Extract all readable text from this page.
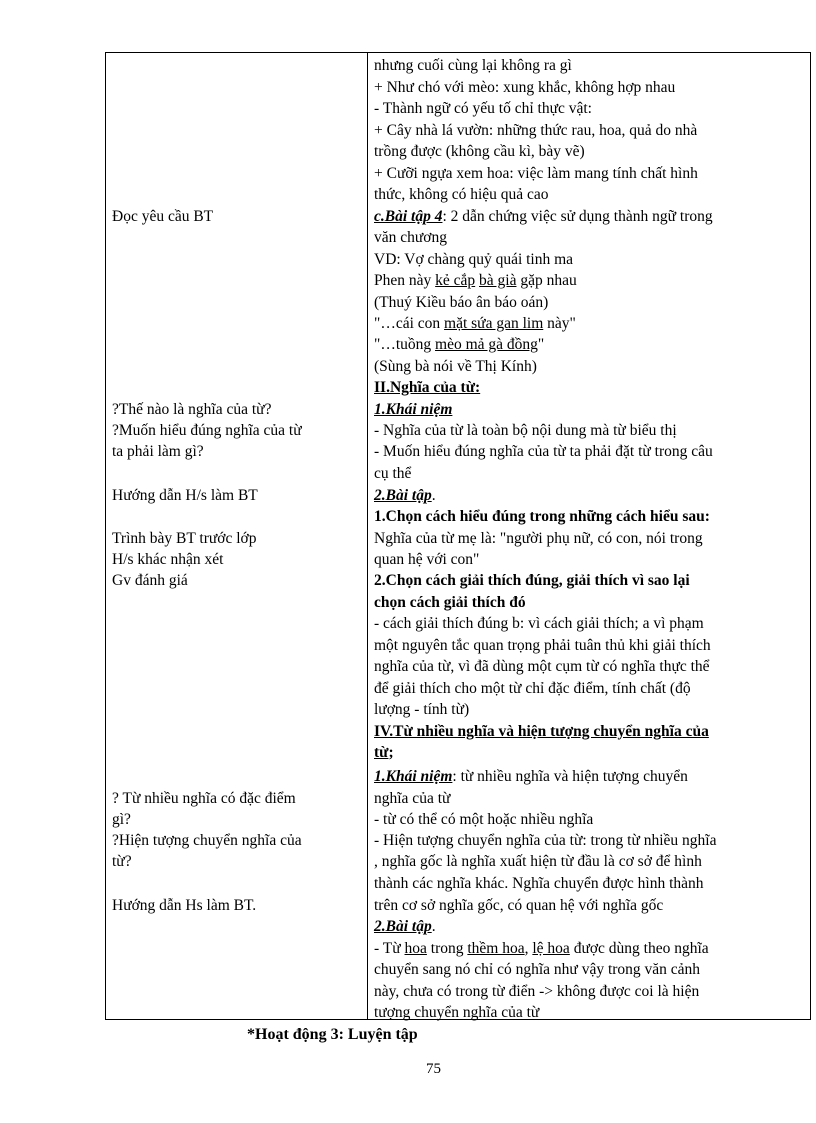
Đọc yêu cầu BT
?Thế nào là nghĩa của từ?
?Muốn hiểu đúng nghĩa của từ
ta phải làm gì?
Hướng dẫn H/s làm BT
Trình bày BT trước lớp
H/s khác nhận xét
Gv đánh giá
? Từ nhiều nghĩa có đặc điểm
gì?
?Hiện tượng chuyển nghĩa của
từ?
Hướng dẫn Hs làm BT.
nhưng cuối cùng lại không ra gì
+ Như chó với mèo: xung khắc, không hợp nhau
- Thành ngữ có yếu tố chỉ thực vật:
+ Cây nhà lá vườn: những thức rau, hoa, quả do nhà
trồng được (không cầu kì, bày vẽ)
+ Cưỡi ngựa xem hoa: việc làm mang tính chất hình
thức, không có hiệu quả cao
c.Bài tập 4: 2 dẫn chứng việc sử dụng thành ngữ trong
văn chương
VD: Vợ chàng quỷ quái tinh ma
Phen này kẻ cắp bà già gặp nhau
(Thuý Kiều báo ân báo oán)
"…cái con mặt sứa gan lim này"
"…tuồng mèo mả gà đồng"
(Sùng bà nói về Thị Kính)
II.Nghĩa của từ:
1.Khái niệm
- Nghĩa của từ là toàn bộ nội dung mà từ biểu thị
- Muốn hiểu đúng nghĩa của từ ta phải đặt từ trong câu
cụ thể
2.Bài tập.
1.Chọn cách hiểu đúng trong những cách hiểu sau:
Nghĩa của từ mẹ là: "người phụ nữ, có con, nói trong
quan hệ với con"
2.Chọn cách giải thích đúng, giải thích vì sao lại
chọn cách giải thích đó
- cách giải thích đúng b: vì cách giải thích; a vì phạm
một nguyên tắc quan trọng phải tuân thủ khi giải thích
nghĩa của từ, vì đã dùng một cụm từ có nghĩa thực thể
để giải thích cho một từ chỉ đặc điểm, tính chất (độ
lượng - tính từ)
IV.Từ nhiều nghĩa và hiện tượng chuyển nghĩa của
từ;
1.Khái niệm: từ nhiều nghĩa và hiện tượng chuyển
nghĩa của từ
- từ có thể có một hoặc nhiều nghĩa
- Hiện tượng chuyển nghĩa của từ: trong từ nhiều nghĩa
, nghĩa gốc là nghĩa xuất hiện từ đầu là cơ sở để hình
thành các nghĩa khác. Nghĩa chuyển được hình thành
trên cơ sở nghĩa gốc, có quan hệ với nghĩa gốc
2.Bài tập.
- Từ hoa trong thềm hoa, lệ hoa được dùng theo nghĩa
chuyển sang nó chỉ có nghĩa như vậy trong văn cảnh
này, chưa có trong từ điển -> không được coi là hiện
tượng chuyển nghĩa của từ
*Hoạt động 3: Luyện tập
75
